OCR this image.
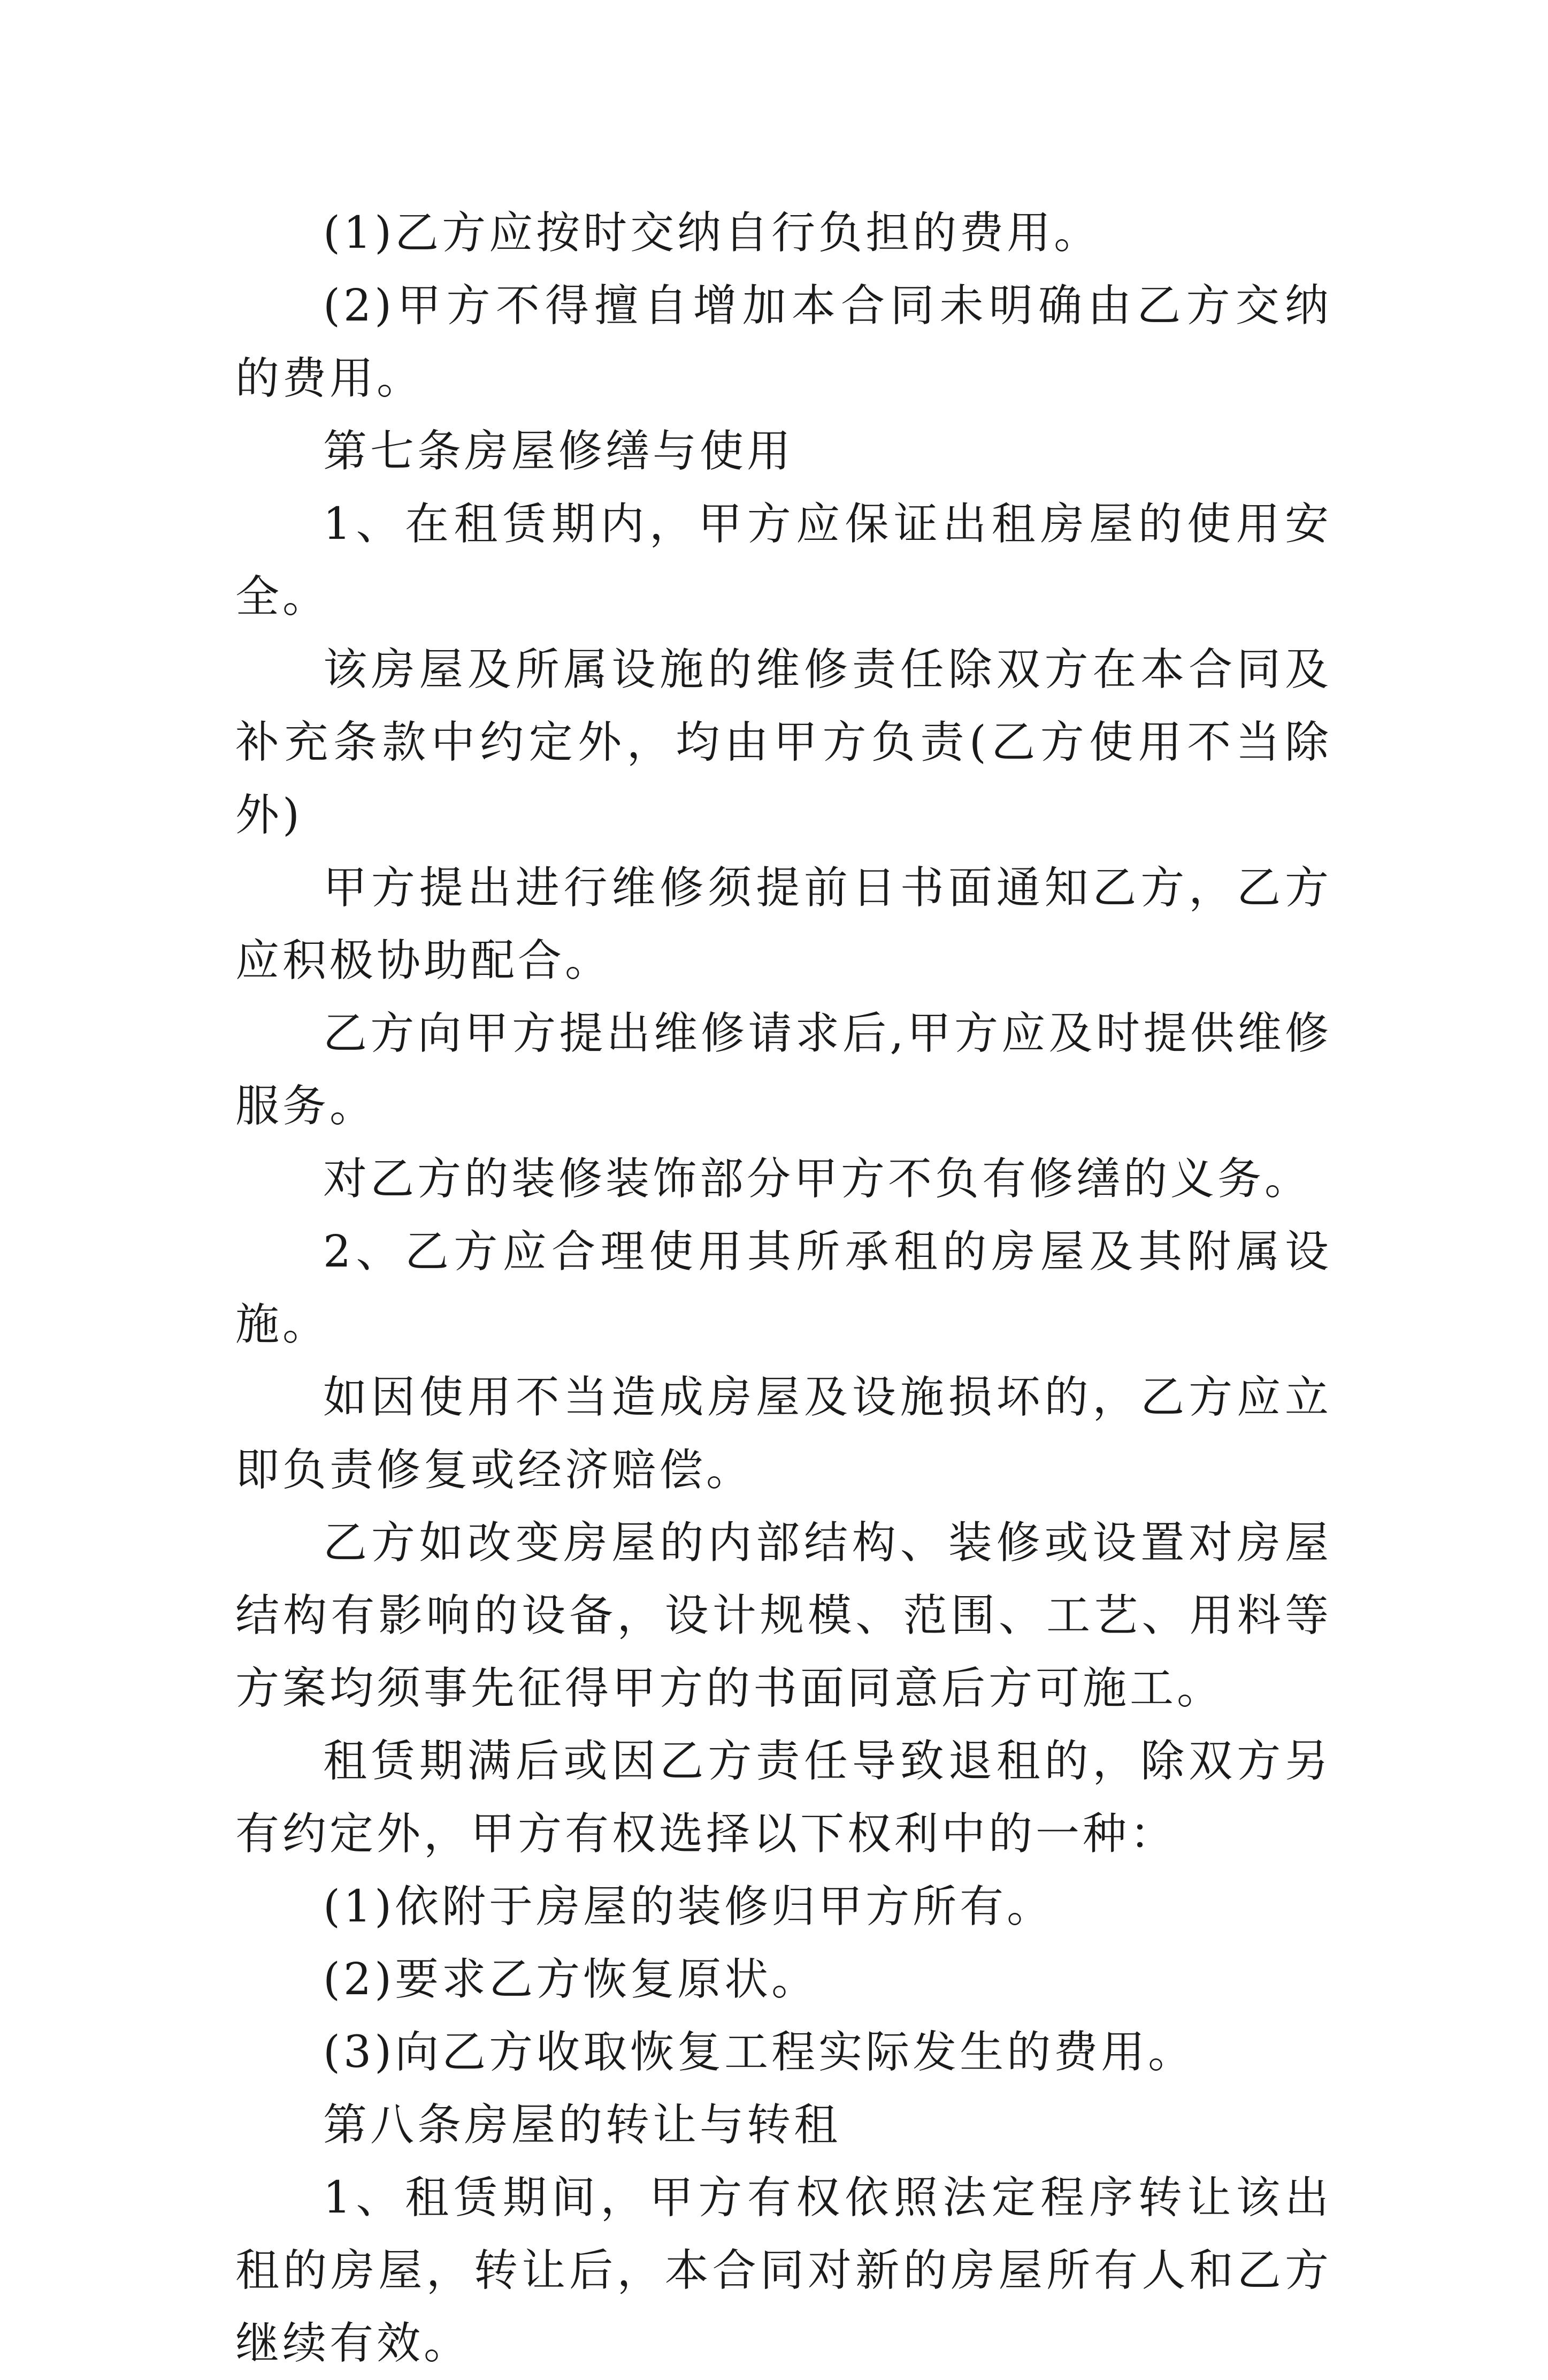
(1)乙方应按时交纳自行负担的费用。

(2)甲方不得擅自增加本合同未明确由乙方交纳的费用。

第七条房屋修缮与使用

1、在租赁期内，甲方应保证出租房屋的使用安全。

该房屋及所属设施的维修责任除双方在本合同及补充条款中约定外，均由甲方负责(乙方使用不当除外)

甲方提出进行维修须提前日书面通知乙方，乙方应积极协助配合。

乙方向甲方提出维修请求后,甲方应及时提供维修服务。

对乙方的装修装饰部分甲方不负有修缮的义务。

2、乙方应合理使用其所承租的房屋及其附属设施。

如因使用不当造成房屋及设施损坏的，乙方应立即负责修复或经济赔偿。

乙方如改变房屋的内部结构、装修或设置对房屋结构有影响的设备，设计规模、范围、工艺、用料等方案均须事先征得甲方的书面同意后方可施工。

租赁期满后或因乙方责任导致退租的，除双方另有约定外，甲方有权选择以下权利中的一种：

(1)依附于房屋的装修归甲方所有。

(2)要求乙方恢复原状。

(3)向乙方收取恢复工程实际发生的费用。

第八条房屋的转让与转租

1、租赁期间，甲方有权依照法定程序转让该出租的房屋，转让后，本合同对新的房屋所有人和乙方继续有效。
